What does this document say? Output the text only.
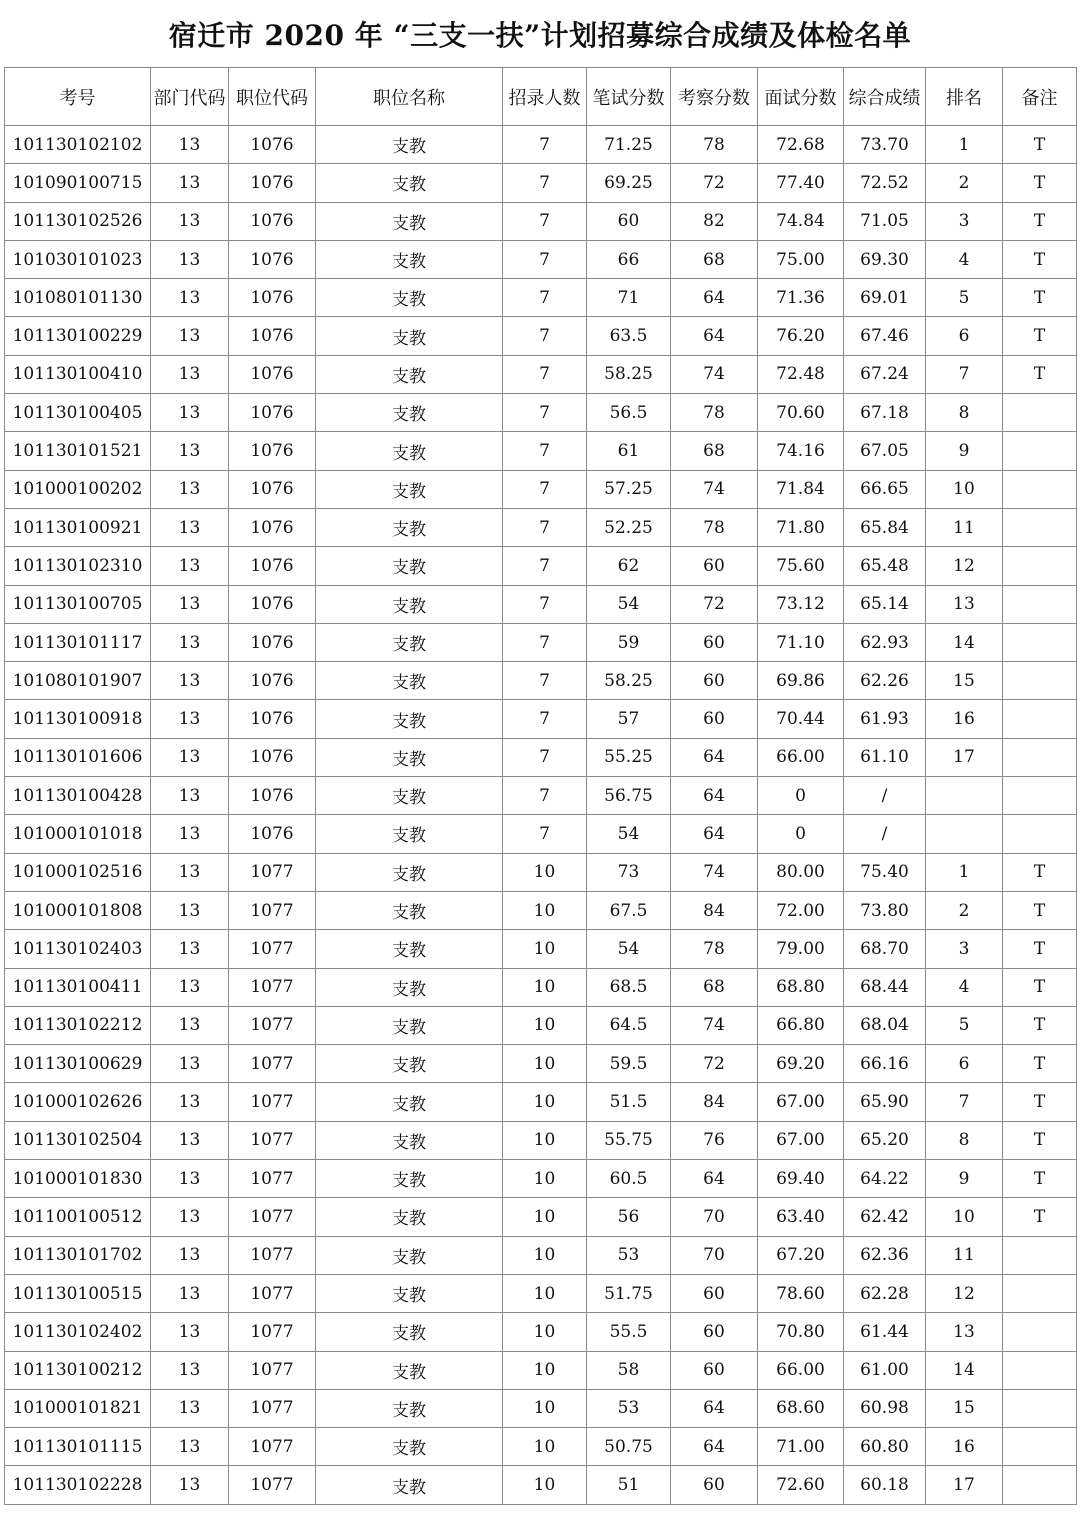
宿迁市 2020 年 “三支一扶”计划招募综合成绩及体检名单
考号	部门代码	职位代码	职位名称	招录人数	笔试分数	考察分数	面试分数	综合成绩	排名	备注
101130102102	13	1076	支教	7	71.25	78	72.68	73.70	1	T
101090100715	13	1076	支教	7	69.25	72	77.40	72.52	2	T
101130102526	13	1076	支教	7	60	82	74.84	71.05	3	T
101030101023	13	1076	支教	7	66	68	75.00	69.30	4	T
101080101130	13	1076	支教	7	71	64	71.36	69.01	5	T
101130100229	13	1076	支教	7	63.5	64	76.20	67.46	6	T
101130100410	13	1076	支教	7	58.25	74	72.48	67.24	7	T
101130100405	13	1076	支教	7	56.5	78	70.60	67.18	8	
101130101521	13	1076	支教	7	61	68	74.16	67.05	9	
101000100202	13	1076	支教	7	57.25	74	71.84	66.65	10	
101130100921	13	1076	支教	7	52.25	78	71.80	65.84	11	
101130102310	13	1076	支教	7	62	60	75.60	65.48	12	
101130100705	13	1076	支教	7	54	72	73.12	65.14	13	
101130101117	13	1076	支教	7	59	60	71.10	62.93	14	
101080101907	13	1076	支教	7	58.25	60	69.86	62.26	15	
101130100918	13	1076	支教	7	57	60	70.44	61.93	16	
101130101606	13	1076	支教	7	55.25	64	66.00	61.10	17	
101130100428	13	1076	支教	7	56.75	64	0	/		
101000101018	13	1076	支教	7	54	64	0	/		
101000102516	13	1077	支教	10	73	74	80.00	75.40	1	T
101000101808	13	1077	支教	10	67.5	84	72.00	73.80	2	T
101130102403	13	1077	支教	10	54	78	79.00	68.70	3	T
101130100411	13	1077	支教	10	68.5	68	68.80	68.44	4	T
101130102212	13	1077	支教	10	64.5	74	66.80	68.04	5	T
101130100629	13	1077	支教	10	59.5	72	69.20	66.16	6	T
101000102626	13	1077	支教	10	51.5	84	67.00	65.90	7	T
101130102504	13	1077	支教	10	55.75	76	67.00	65.20	8	T
101000101830	13	1077	支教	10	60.5	64	69.40	64.22	9	T
101100100512	13	1077	支教	10	56	70	63.40	62.42	10	T
101130101702	13	1077	支教	10	53	70	67.20	62.36	11	
101130100515	13	1077	支教	10	51.75	60	78.60	62.28	12	
101130102402	13	1077	支教	10	55.5	60	70.80	61.44	13	
101130100212	13	1077	支教	10	58	60	66.00	61.00	14	
101000101821	13	1077	支教	10	53	64	68.60	60.98	15	
101130101115	13	1077	支教	10	50.75	64	71.00	60.80	16	
101130102228	13	1077	支教	10	51	60	72.60	60.18	17	
